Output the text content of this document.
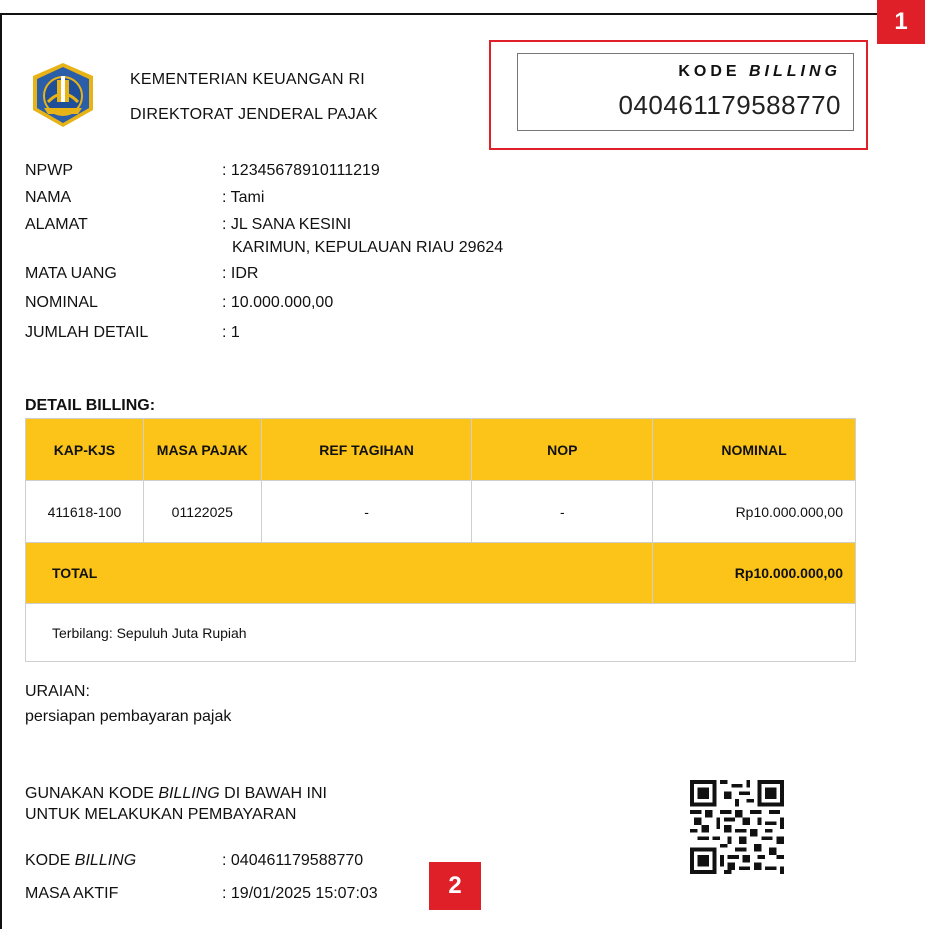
1
KEMENTERIAN KEUANGAN RI
DIREKTORAT JENDERAL PAJAK
KODE BILLING
040461179588770
NPWP	: 12345678910111219
NAMA	: Tami
ALAMAT	: JL SANA KESINI
KARIMUN, KEPULAUAN RIAU 29624
MATA UANG	: IDR
NOMINAL	: 10.000.000,00
JUMLAH DETAIL	: 1
DETAIL BILLING:
KAP-KJS	MASA PAJAK	REF TAGIHAN	NOP	NOMINAL
411618-100	01122025	-	-	Rp10.000.000,00
TOTAL				Rp10.000.000,00
Terbilang: Sepuluh Juta Rupiah				
URAIAN:
persiapan pembayaran pajak
GUNAKAN KODE BILLING DI BAWAH INI
UNTUK MELAKUKAN PEMBAYARAN
KODE BILLING	: 040461179588770
MASA AKTIF	: 19/01/2025 15:07:03	2
